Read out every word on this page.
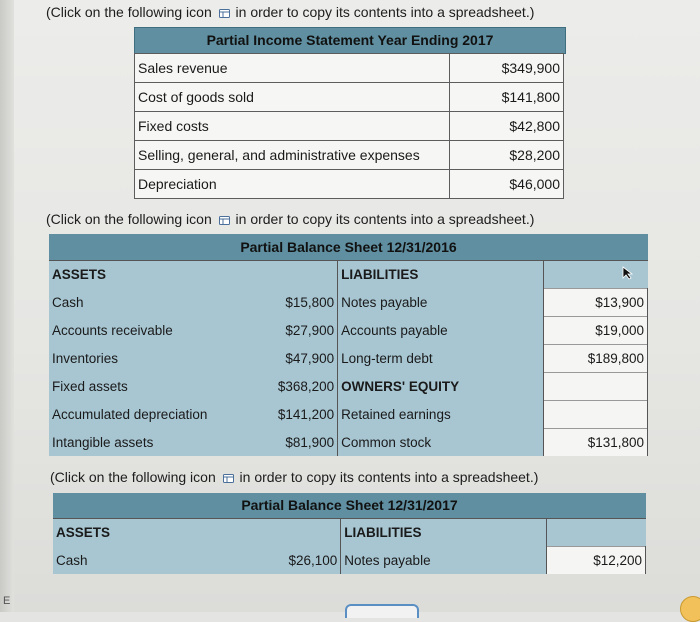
(Click on the following icon in order to copy its contents into a spreadsheet.)
Partial Income Statement Year Ending 2017
Sales revenue	$349,900
Cost of goods sold	$141,800
Fixed costs	$42,800
Selling, general, and administrative expenses	$28,200
Depreciation	$46,000
(Click on the following icon in order to copy its contents into a spreadsheet.)
Partial Balance Sheet 12/31/2016
ASSETS		LIABILITIES	
Cash	$15,800	Notes payable	$13,900
Accounts receivable	$27,900	Accounts payable	$19,000
Inventories	$47,900	Long-term debt	$189,800
Fixed assets	$368,200	OWNERS' EQUITY	
Accumulated depreciation	$141,200	Retained earnings	
Intangible assets	$81,900	Common stock	$131,800
(Click on the following icon in order to copy its contents into a spreadsheet.)
Partial Balance Sheet 12/31/2017
ASSETS		LIABILITIES	
Cash	$26,100	Notes payable	$12,200
E
